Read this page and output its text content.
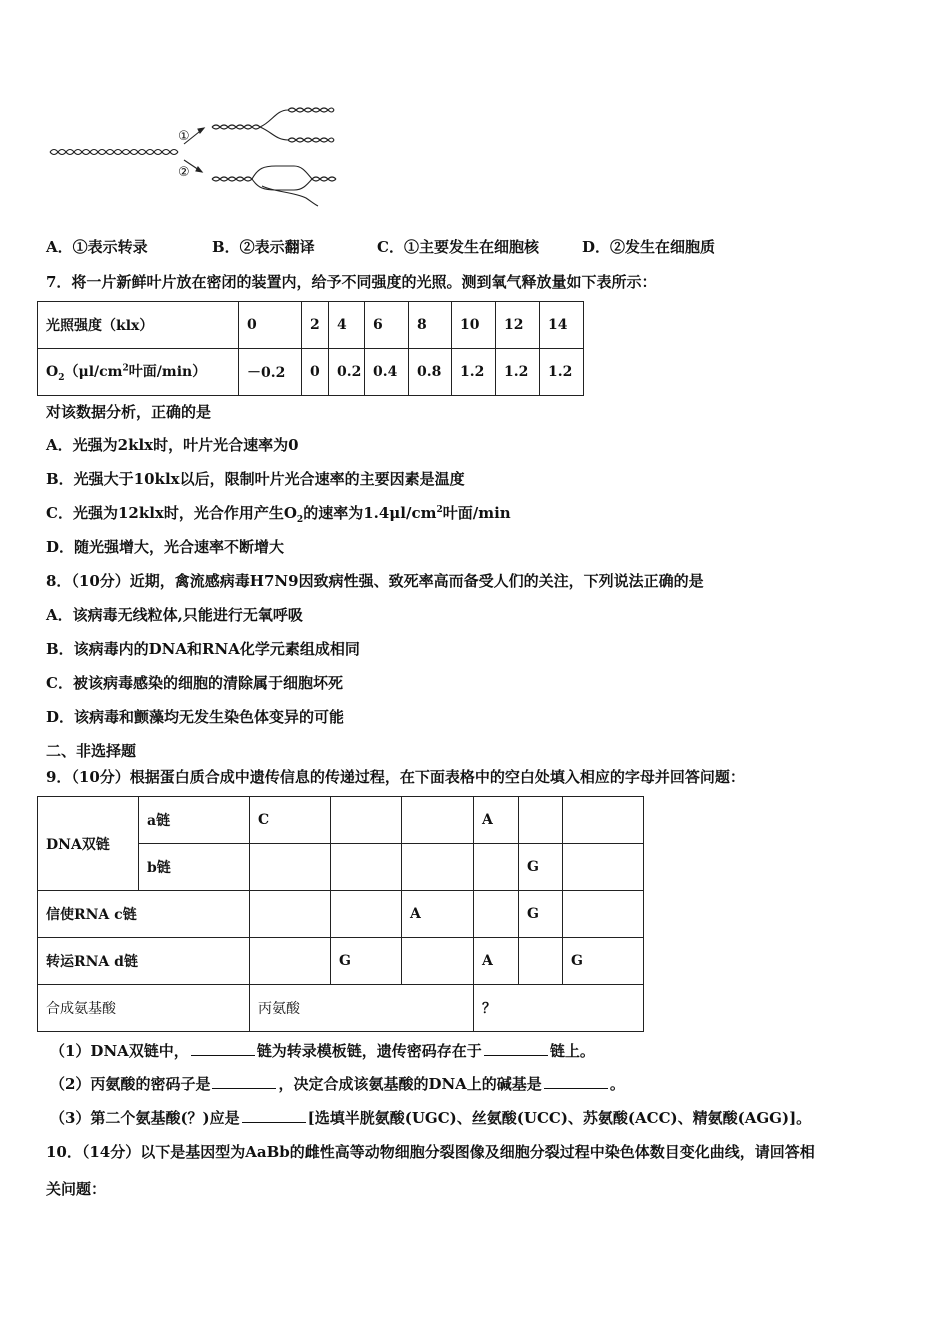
①
②
A．①表示转录	B．②表示翻译	C．①主要发生在细胞核	D．②发生在细胞质
7．将一片新鲜叶片放在密闭的装置内，给予不同强度的光照。测到氧气释放量如下表所示：
光照强度（klx）	0	2	4	6	8	10	12	14
$O_2(\mu l/cm^2$叶面/min）	－0.2	0	0.2	0.4	0.8	1.2	1.2	1.2
对该数据分析，正确的是
A．光强为2klx时，叶片光合速率为0
B．光强大于10klx以后，限制叶片光合速率的主要因素是温度
C．光强为12klx时，光合作用产生$O_2$的速率为$1.4\mu l/cm^2$叶面/min
D．随光强增大，光合速率不断增大
8．（10分）近期，禽流感病毒H7N9因致病性强、致死率高而备受人们的关注，下列说法正确的是
A．该病毒无线粒体,只能进行无氧呼吸
B．该病毒内的DNA和RNA化学元素组成相同
C．被该病毒感染的细胞的清除属于细胞坏死
D．该病毒和颤藻均无发生染色体变异的可能
二、非选择题
9．（10分）根据蛋白质合成中遗传信息的传递过程，在下面表格中的空白处填入相应的字母并回答问题：
DNA双链	a链	C			A		
	b链					G	
信使RNA c链				A		G	
转运RNA d链			G		A		G
合成氨基酸		丙氨酸			？		
（1）DNA双链中，	链为转录模板链，遗传密码存在于	链上。
（2）丙氨酸的密码子是	，决定合成该氨基酸的DNA上的碱基是	。
（3）第二个氨基酸(？)应是	[选填半胱氨酸(UGC)、丝氨酸(UCC)、苏氨酸(ACC)、精氨酸(AGG)]。
10．（14分）以下是基因型为AaBb的雌性高等动物细胞分裂图像及细胞分裂过程中染色体数目变化曲线，请回答相
关问题：
